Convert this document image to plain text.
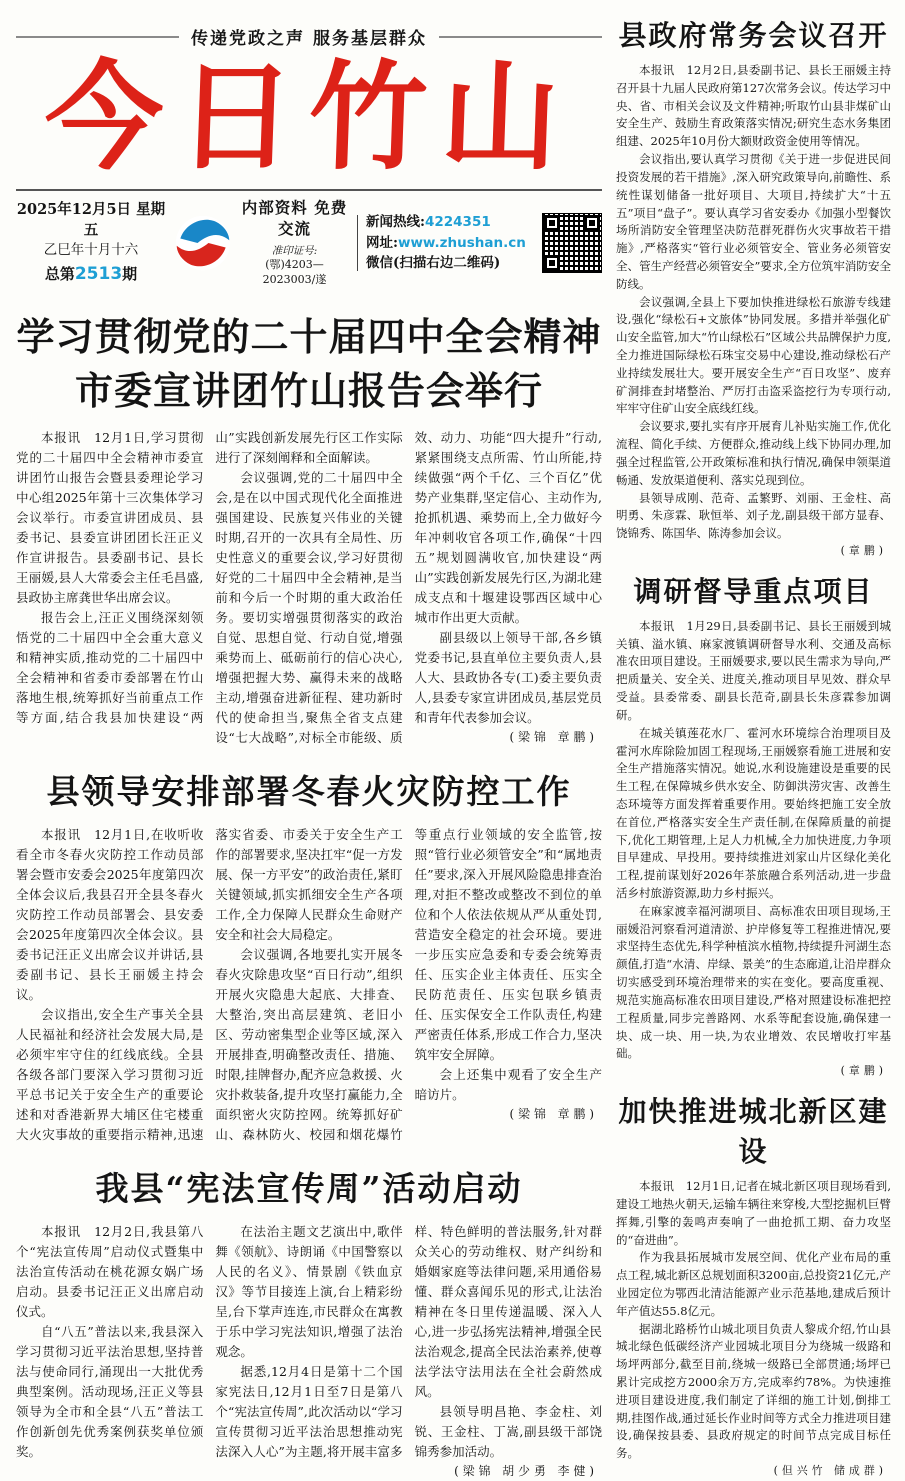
传递党政之声 服务基层群众
今日竹山
2025年12月5日 星期五
乙巳年十月十六
总第2513期
内部资料 免费交流
准印证号:
(鄂)4203—2023003/遂
新闻热线:4224351
网址:www.zhushan.cn
微信(扫描右边二维码)
学习贯彻党的二十届四中全会精神
市委宣讲团竹山报告会举行

本报讯　12月1日,学习贯彻党的二十届四中全会精神市委宣讲团竹山报告会暨县委理论学习中心组2025年第十三次集体学习会议举行。市委宣讲团成员、县委书记、县委宣讲团团长汪正义作宣讲报告。县委副书记、县长王丽媛,县人大常委会主任毛昌盛,县政协主席龚世华出席会议。

报告会上,汪正义围绕深刻领悟党的二十届四中全会重大意义和精神实质,推动党的二十届四中全会精神和省委市委部署在竹山落地生根,统筹抓好当前重点工作等方面,结合我县加快建设“两山”实践创新发展先行区工作实际进行了深刻阐释和全面解读。

会议强调,党的二十届四中全会,是在以中国式现代化全面推进强国建设、民族复兴伟业的关键时期,召开的一次具有全局性、历史性意义的重要会议,学习好贯彻好党的二十届四中全会精神,是当前和今后一个时期的重大政治任务。要切实增强贯彻落实的政治自觉、思想自觉、行动自觉,增强乘势而上、砥砺前行的信心决心,增强把握大势、赢得未来的战略主动,增强奋进新征程、建功新时代的使命担当,聚焦全省支点建设“七大战略”,对标全市能级、质效、动力、功能“四大提升”行动,紧紧围绕支点所需、竹山所能,持续做强“两个千亿、三个百亿”优势产业集群,坚定信心、主动作为,抢抓机遇、乘势而上,全力做好今年冲刺收官各项工作,确保“十四五”规划圆满收官,加快建设“两山”实践创新发展先行区,为湖北建成支点和十堰建设鄂西区域中心城市作出更大贡献。

副县级以上领导干部,各乡镇党委书记,县直单位主要负责人,县人大、县政协各专(工)委主要负责人,县委专家宣讲团成员,基层党员和青年代表参加会议。

(梁锦 章鹏)

县领导安排部署冬春火灾防控工作

本报讯　12月1日,在收听收看全市冬春火灾防控工作动员部署会暨市安委会2025年度第四次全体会议后,我县召开全县冬春火灾防控工作动员部署会、县安委会2025年度第四次全体会议。县委书记汪正义出席会议并讲话,县委副书记、县长王丽媛主持会议。

会议指出,安全生产事关全县人民福祉和经济社会发展大局,是必须牢牢守住的红线底线。全县各级各部门要深入学习贯彻习近平总书记关于安全生产的重要论述和对香港新界大埔区住宅楼重大火灾事故的重要指示精神,迅速落实省委、市委关于安全生产工作的部署要求,坚决扛牢“促一方发展、保一方平安”的政治责任,紧盯关键领域,抓实抓细安全生产各项工作,全力保障人民群众生命财产安全和社会大局稳定。

会议强调,各地要扎实开展冬春火灾除患攻坚“百日行动”,组织开展火灾隐患大起底、大排查、大整治,突出高层建筑、老旧小区、劳动密集型企业等区域,深入开展排查,明确整改责任、措施、时限,挂牌督办,配齐应急救援、火灾扑救装备,提升攻坚打赢能力,全面织密火灾防控网。统筹抓好矿山、森林防火、校园和烟花爆竹等重点行业领域的安全监管,按照“管行业必须管安全”和“属地责任”要求,深入开展风险隐患排查治理,对拒不整改或整改不到位的单位和个人依法依规从严从重处罚,营造安全稳定的社会环境。要进一步压实应急委和专委会统筹责任、压实企业主体责任、压实全民防范责任、压实包联乡镇责任、压实保安全工作队责任,构建严密责任体系,形成工作合力,坚决筑牢安全屏障。

会上还集中观看了安全生产暗访片。

(梁锦 章鹏)

我县“宪法宣传周”活动启动

本报讯　12月2日,我县第八个“宪法宣传周”启动仪式暨集中法治宣传活动在桃花源女娲广场启动。县委书记汪正义出席启动仪式。

自“八五”普法以来,我县深入学习贯彻习近平法治思想,坚持普法与使命同行,涌现出一大批优秀典型案例。活动现场,汪正义等县领导为全市和全县“八五”普法工作创新创先优秀案例获奖单位颁奖。

在法治主题文艺演出中,歌伴舞《领航》、诗朗诵《中国警察以人民的名义》、情景剧《铁血京汉》等节目接连上演,台上精彩纷呈,台下掌声连连,市民群众在寓教于乐中学习宪法知识,增强了法治观念。

据悉,12月4日是第十二个国家宪法日,12月1日至7日是第八个“宪法宣传周”,此次活动以“学习宣传贯彻习近平法治思想推动宪法深入人心”为主题,将开展丰富多样、特色鲜明的普法服务,针对群众关心的劳动维权、财产纠纷和婚姻家庭等法律问题,采用通俗易懂、群众喜闻乐见的形式,让法治精神在冬日里传递温暖、深入人心,进一步弘扬宪法精神,增强全民法治观念,提高全民法治素养,使尊法学法守法用法在全社会蔚然成风。

县领导明昌艳、李金柱、刘锐、王金柱、丁嵩,副县级干部饶锦秀参加活动。

(梁锦 胡少勇 李健)

县政府常务会议召开

本报讯　12月2日,县委副书记、县长王丽媛主持召开县十九届人民政府第127次常务会议。传达学习中央、省、市相关会议及文件精神;听取竹山县非煤矿山安全生产、鼓励生育政策落实情况;研究生态水务集团组建、2025年10月份大额财政资金使用等情况。

会议指出,要认真学习贯彻《关于进一步促进民间投资发展的若干措施》,深入研究政策导向,前瞻性、系统性谋划储备一批好项目、大项目,持续扩大“十五五”项目“盘子”。要认真学习省安委办《加强小型餐饮场所消防安全管理坚决防范群死群伤火灾事故若干措施》,严格落实“管行业必须管安全、管业务必须管安全、管生产经营必须管安全”要求,全方位筑牢消防安全防线。

会议强调,全县上下要加快推进绿松石旅游专线建设,强化“绿松石+文旅体”协同发展。多措并举强化矿山安全监管,加大“竹山绿松石”区域公共品牌保护力度,全力推进国际绿松石珠宝交易中心建设,推动绿松石产业持续发展壮大。要开展安全生产“百日攻坚”、废弃矿洞排查封堵整治、严厉打击盗采盗挖行为专项行动,牢牢守住矿山安全底线红线。

会议要求,要扎实有序开展育儿补贴实施工作,优化流程、简化手续、方便群众,推动线上线下协同办理,加强全过程监管,公开政策标准和执行情况,确保申领渠道畅通、发放渠道便利、落实兑现到位。

县领导成刚、范奇、孟繁野、刘丽、王金柱、高明勇、朱彦霖、耿恒举、刘子龙,副县级干部方显春、饶锦秀、陈国华、陈涛参加会议。

(章鹏)

调研督导重点项目

本报讯　1月29日,县委副书记、县长王丽媛到城关镇、溢水镇、麻家渡镇调研督导水利、交通及高标准农田项目建设。王丽媛要求,要以民生需求为导向,严把质量关、安全关、进度关,推动项目早见效、群众早受益。县委常委、副县长范奇,副县长朱彦霖参加调研。

在城关镇莲花水厂、霍河水环境综合治理项目及霍河水库除险加固工程现场,王丽媛察看施工进展和安全生产措施落实情况。她说,水利设施建设是重要的民生工程,在保障城乡供水安全、防御洪涝灾害、改善生态环境等方面发挥着重要作用。要始终把施工安全放在首位,严格落实安全生产责任制,在保障质量的前提下,优化工期管理,上足人力机械,全力加快进度,力争项目早建成、早投用。要持续推进刘家山片区绿化美化工程,提前谋划好2026年茶旅融合系列活动,进一步盘活乡村旅游资源,助力乡村振兴。

在麻家渡幸福河湖项目、高标准农田项目现场,王丽媛沿河察看河道清淤、护岸修复等工程推进情况,要求坚持生态优先,科学种植滨水植物,持续提升河湖生态颜值,打造“水清、岸绿、景美”的生态廊道,让沿岸群众切实感受到环境治理带来的实在变化。要高度重视、规范实施高标准农田项目建设,严格对照建设标准把控工程质量,同步完善路网、水系等配套设施,确保建一块、成一块、用一块,为农业增效、农民增收打牢基础。

(章鹏)

加快推进城北新区建设

本报讯　12月1日,记者在城北新区项目现场看到,建设工地热火朝天,运输车辆往来穿梭,大型挖掘机巨臂挥舞,引擎的轰鸣声奏响了一曲抢抓工期、奋力攻坚的“奋进曲”。

作为我县拓展城市发展空间、优化产业布局的重点工程,城北新区总规划面积3200亩,总投资21亿元,产业园定位为鄂西北清洁能源产业示范基地,建成后预计年产值达55.8亿元。

据湖北路桥竹山城北项目负责人黎成介绍,竹山县城北绿色低碳经济产业园城北项目分为绕城一级路和场坪两部分,截至目前,绕城一级路已全部贯通;场坪已累计完成挖方2000余万方,完成率约78%。为快速推进项目建设进度,我们制定了详细的施工计划,倒排工期,挂图作战,通过延长作业时间等方式全力推进项目建设,确保按县委、县政府规定的时间节点完成目标任务。

(但兴竹 储成群)
